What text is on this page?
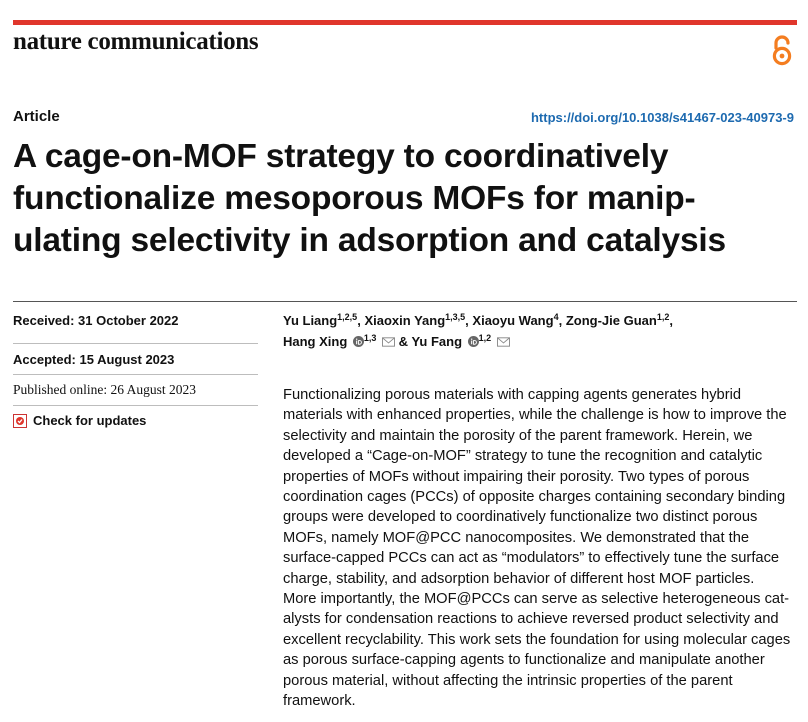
nature communications
Article	https://doi.org/10.1038/s41467-023-40973-9
A cage-on-MOF strategy to coordinatively
functionalize mesoporous MOFs for manip-
ulating selectivity in adsorption and catalysis
Received: 31 October 2022
Accepted: 15 August 2023
Published online: 26 August 2023
Check for updates
Yu Liang$^{1,2,5}$, Xiaoxin Yang$^{1,3,5}$, Xiaoyu Wang$^4$, Zong-Jie Guan$^{1,2}$,
Hang Xing $^{1,3}$ & Yu Fang $^{1,2}$
Functionalizing porous materials with capping agents generates hybrid
materials with enhanced properties, while the challenge is how to improve the
selectivity and maintain the porosity of the parent framework. Herein, we
developed a “Cage-on-MOF” strategy to tune the recognition and catalytic
properties of MOFs without impairing their porosity. Two types of porous
coordination cages (PCCs) of opposite charges containing secondary binding
groups were developed to coordinatively functionalize two distinct porous
MOFs, namely MOF@PCC nanocomposites. We demonstrated that the
surface-capped PCCs can act as “modulators” to effectively tune the surface
charge, stability, and adsorption behavior of different host MOF particles.
More importantly, the MOF@PCCs can serve as selective heterogeneous cat-
alysts for condensation reactions to achieve reversed product selectivity and
excellent recyclability. This work sets the foundation for using molecular cages
as porous surface-capping agents to functionalize and manipulate another
porous material, without affecting the intrinsic properties of the parent
framework.
